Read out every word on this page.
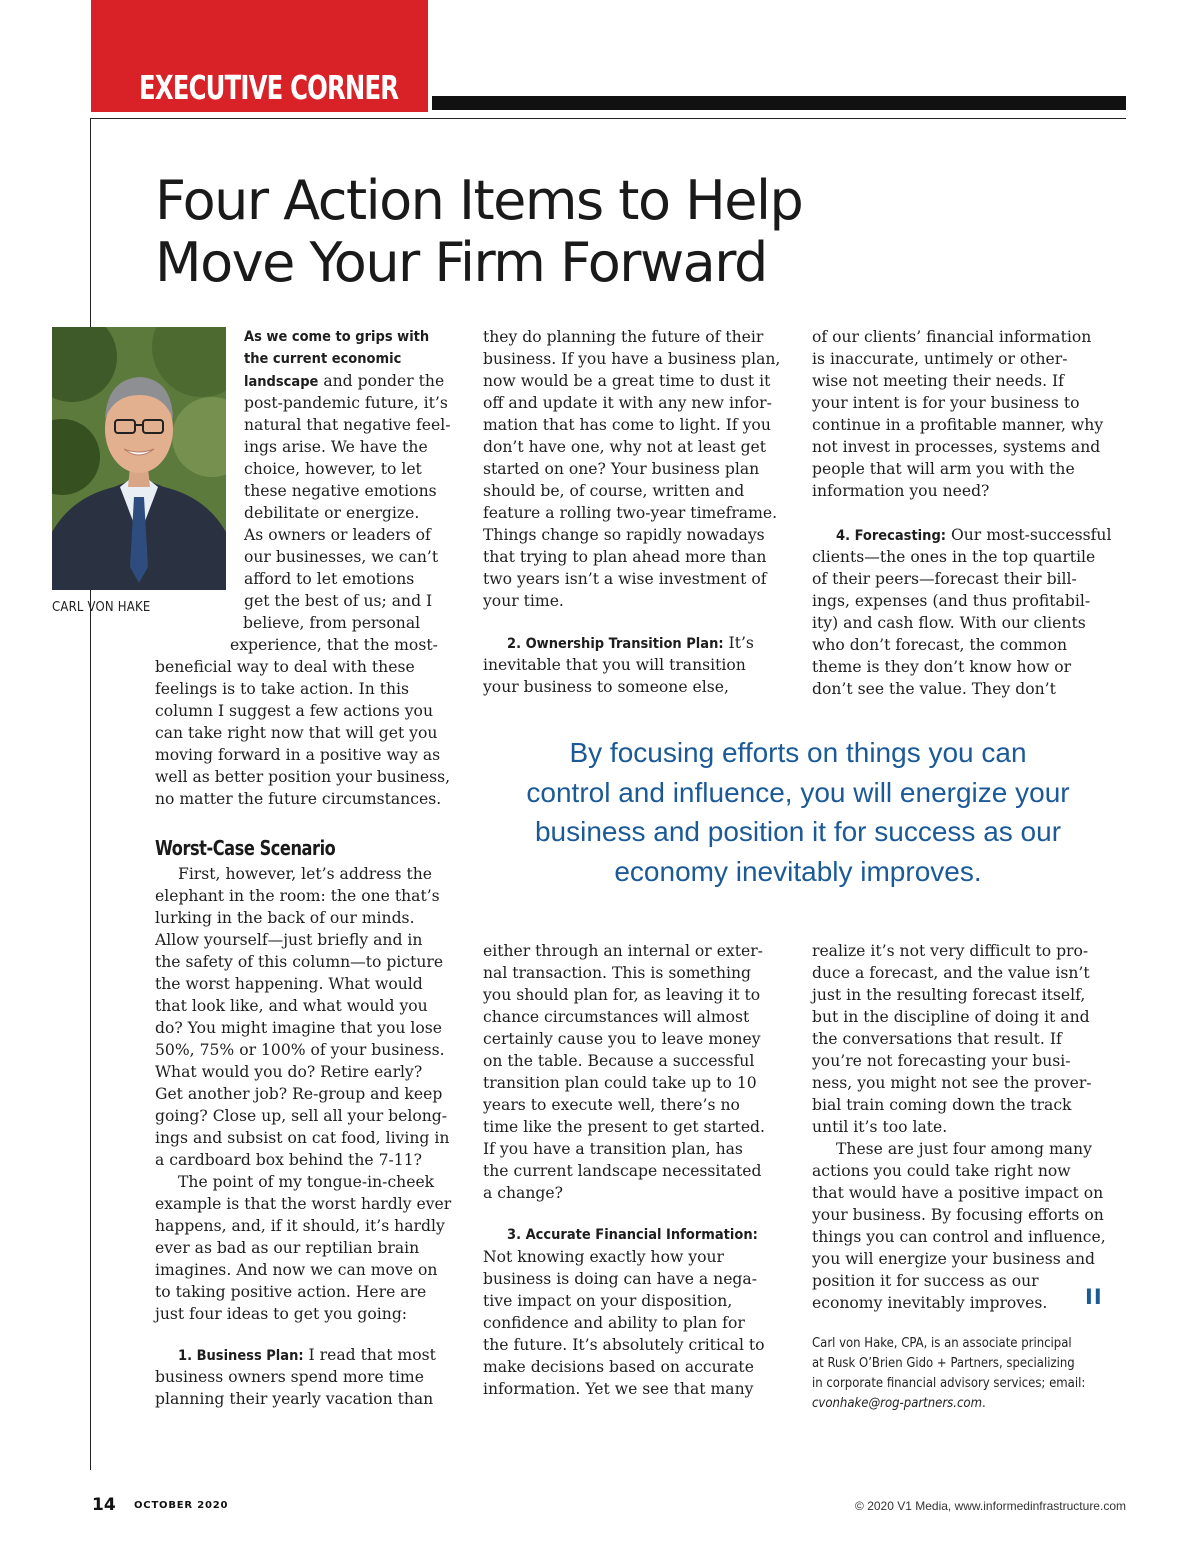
EXECUTIVE CORNER
Four Action Items to Help
Move Your Firm Forward
CARL VON HAKE
As we come to grips with
the current economic
landscape and ponder the
post-pandemic future, it’s
natural that negative feel-
ings arise. We have the
choice, however, to let
these negative emotions
debilitate or energize.
As owners or leaders of
our businesses, we can’t
afford to let emotions
get the best of us; and I
believe, from personal
experience, that the most-
beneficial way to deal with these
feelings is to take action. In this
column I suggest a few actions you
can take right now that will get you
moving forward in a positive way as
well as better position your business,
no matter the future circumstances.
Worst-Case Scenario
First, however, let’s address the
elephant in the room: the one that’s
lurking in the back of our minds.
Allow yourself—just briefly and in
the safety of this column—to picture
the worst happening. What would
that look like, and what would you
do? You might imagine that you lose
50%, 75% or 100% of your business.
What would you do? Retire early?
Get another job? Re-group and keep
going? Close up, sell all your belong-
ings and subsist on cat food, living in
a cardboard box behind the 7-11?
The point of my tongue-in-cheek
example is that the worst hardly ever
happens, and, if it should, it’s hardly
ever as bad as our reptilian brain
imagines. And now we can move on
to taking positive action. Here are
just four ideas to get you going:
1. Business Plan: I read that most
business owners spend more time
planning their yearly vacation than
they do planning the future of their
business. If you have a business plan,
now would be a great time to dust it
off and update it with any new infor-
mation that has come to light. If you
don’t have one, why not at least get
started on one? Your business plan
should be, of course, written and
feature a rolling two-year timeframe.
Things change so rapidly nowadays
that trying to plan ahead more than
two years isn’t a wise investment of
your time.
2. Ownership Transition Plan: It’s
inevitable that you will transition
your business to someone else,
either through an internal or exter-
nal transaction. This is something
you should plan for, as leaving it to
chance circumstances will almost
certainly cause you to leave money
on the table. Because a successful
transition plan could take up to 10
years to execute well, there’s no
time like the present to get started.
If you have a transition plan, has
the current landscape necessitated
a change?
3. Accurate Financial Information:
Not knowing exactly how your
business is doing can have a nega-
tive impact on your disposition,
confidence and ability to plan for
the future. It’s absolutely critical to
make decisions based on accurate
information. Yet we see that many
of our clients’ financial information
is inaccurate, untimely or other-
wise not meeting their needs. If
your intent is for your business to
continue in a profitable manner, why
not invest in processes, systems and
people that will arm you with the
information you need?
4. Forecasting: Our most-successful
clients—the ones in the top quartile
of their peers—forecast their bill-
ings, expenses (and thus profitabil-
ity) and cash flow. With our clients
who don’t forecast, the common
theme is they don’t know how or
don’t see the value. They don’t
realize it’s not very difficult to pro-
duce a forecast, and the value isn’t
just in the resulting forecast itself,
but in the discipline of doing it and
the conversations that result. If
you’re not forecasting your busi-
ness, you might not see the prover-
bial train coming down the track
until it’s too late.
These are just four among many
actions you could take right now
that would have a positive impact on
your business. By focusing efforts on
things you can control and influence,
you will energize your business and
position it for success as our
economy inevitably improves. II
By focusing efforts on things you can
control and influence, you will energize your
business and position it for success as our
economy inevitably improves.
Carl von Hake, CPA, is an associate principal
at Rusk O’Brien Gido + Partners, specializing
in corporate financial advisory services; email:
cvonhake@rog-partners.com.
14 OCTOBER 2020	© 2020 V1 Media, www.informedinfrastructure.com
